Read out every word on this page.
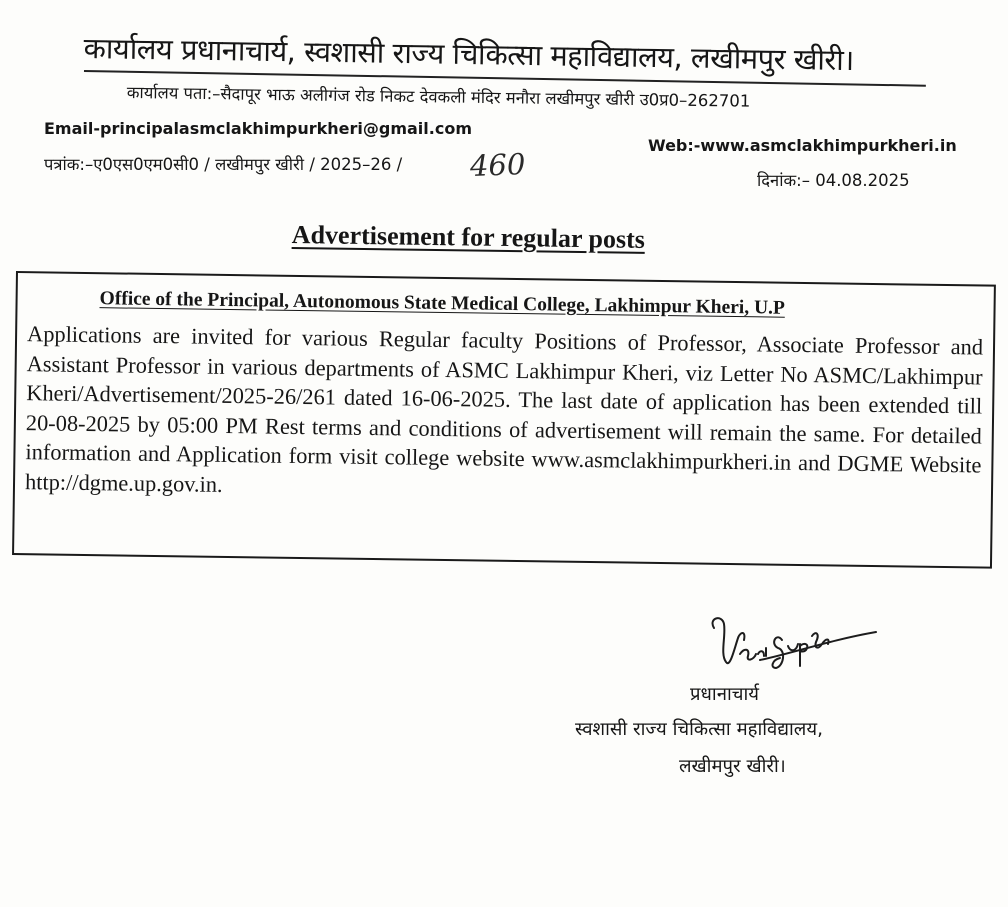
कार्यालय प्रधानाचार्य, स्वशासी राज्य चिकित्सा महाविद्यालय, लखीमपुर खीरी।
कार्यालय पता:–सैदापूर भाऊ अलीगंज रोड निकट देवकली मंदिर मनौरा लखीमपुर खीरी उ0प्र0–262701
Email-principalasmclakhimpurkheri@gmail.com
Web:-www.asmclakhimpurkheri.in
पत्रांक:–ए0एस0एम0सी0 / लखीमपुर खीरी / 2025–26 / 460	दिनांक:– 04.08.2025
Advertisement for regular posts
Office of the Principal, Autonomous State Medical College, Lakhimpur Kheri, U.P
Applications are invited for various Regular faculty Positions of Professor, Associate Professor and Assistant Professor in various departments of ASMC Lakhimpur Kheri, viz Letter No ASMC/Lakhimpur Kheri/Advertisement/2025-26/261 dated 16-06-2025. The last date of application has been extended till 20-08-2025 by 05:00 PM Rest terms and conditions of advertisement will remain the same. For detailed information and Application form visit college website www.asmclakhimpurkheri.in and DGME Website http://dgme.up.gov.in.
प्रधानाचार्य
स्वशासी राज्य चिकित्सा महाविद्यालय,
लखीमपुर खीरी।
